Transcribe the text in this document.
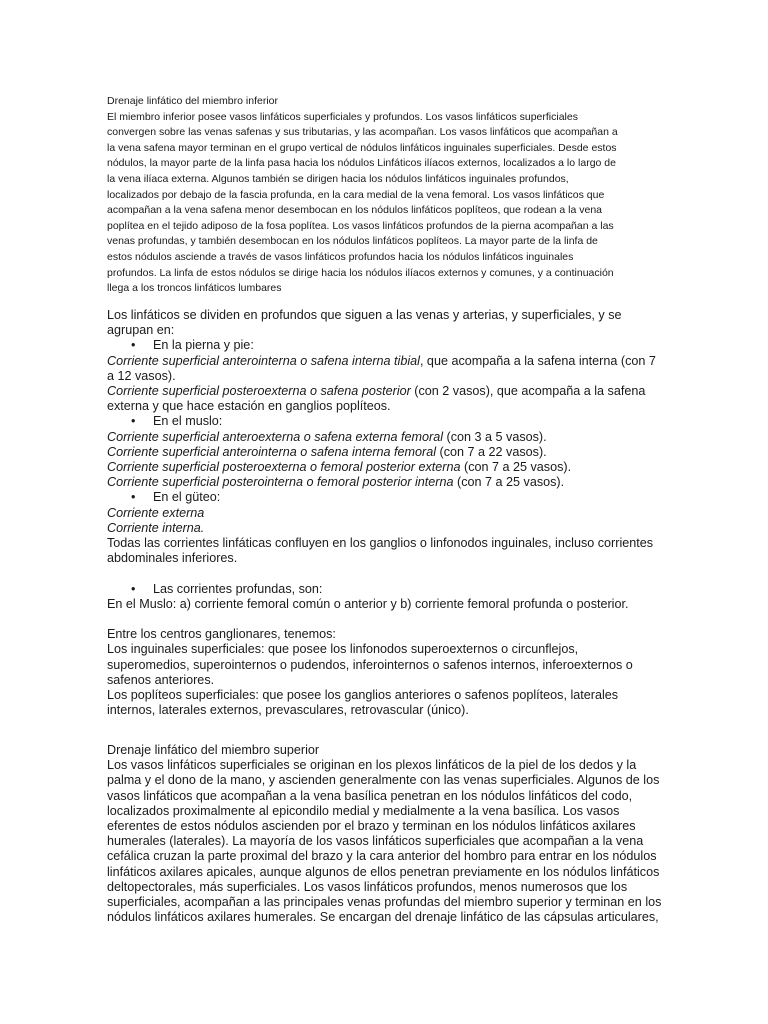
Drenaje linfático del miembro inferior

El miembro inferior posee vasos linfáticos superficiales y profundos. Los vasos linfáticos superficiales

convergen sobre las venas safenas y sus tributarias, y las acompañan. Los vasos linfáticos que acompañan a

la vena safena mayor terminan en el grupo vertical de nódulos linfáticos inguinales superficiales. Desde estos

nódulos, la mayor parte de la linfa pasa hacia los nódulos Linfáticos ilíacos externos, localizados a lo largo de

la vena ilíaca externa. Algunos también se dirigen hacia los nódulos linfáticos inguinales profundos,

localizados por debajo de la fascia profunda, en la cara medial de la vena femoral. Los vasos linfáticos que

acompañan a la vena safena menor desembocan en los nódulos linfáticos poplíteos, que rodean a la vena

poplítea en el tejido adiposo de la fosa poplítea. Los vasos linfáticos profundos de la pierna acompañan a las

venas profundas, y también desembocan en los nódulos linfáticos poplíteos. La mayor parte de la linfa de

estos nódulos asciende a través de vasos linfáticos profundos hacia los nódulos linfáticos inguinales

profundos. La linfa de estos nódulos se dirige hacia los nódulos ilíacos externos y comunes, y a continuación

llega a los troncos linfáticos lumbares

Los linfáticos se dividen en profundos que siguen a las venas y arterias, y superficiales, y se

agrupan en:

•	En la pierna y pie:

Corriente superficial anterointerna o safena interna tibial, que acompaña a la safena interna (con 7

a 12 vasos).

Corriente superficial posteroexterna o safena posterior (con 2 vasos), que acompaña a la safena

externa y que hace estación en ganglios poplíteos.

•	En el muslo:

Corriente superficial anteroexterna o safena externa femoral (con 3 a 5 vasos).

Corriente superficial anterointerna o safena interna femoral (con 7 a 22 vasos).

Corriente superficial posteroexterna o femoral posterior externa (con 7 a 25 vasos).

Corriente superficial posterointerna o femoral posterior interna (con 7 a 25 vasos).

•	En el güteo:

Corriente externa

Corriente interna.

Todas las corrientes linfáticas confluyen en los ganglios o linfonodos inguinales, incluso corrientes

abdominales inferiores.

•	Las corrientes profundas, son:

En el Muslo: a) corriente femoral común o anterior y b) corriente femoral profunda o posterior.

Entre los centros ganglionares, tenemos:

Los inguinales superficiales: que posee los linfonodos superoexternos o circunflejos,

superomedios, superointernos o pudendos, inferointernos o safenos internos, inferoexternos o

safenos anteriores.

Los poplíteos superficiales: que posee los ganglios anteriores o safenos poplíteos, laterales

internos, laterales externos, prevasculares, retrovascular (único).

Drenaje linfático del miembro superior

Los vasos linfáticos superficiales se originan en los plexos linfáticos de la piel de los dedos y la

palma y el dono de la mano, y ascienden generalmente con las venas superficiales. Algunos de los

vasos linfáticos que acompañan a la vena basílica penetran en los nódulos linfáticos del codo,

localizados proximalmente al epicondilo medial y medialmente a la vena basílica. Los vasos

eferentes de estos nódulos ascienden por el brazo y terminan en los nódulos linfáticos axilares

humerales (laterales). La mayoría de los vasos linfáticos superficiales que acompañan a la vena

cefálica cruzan la parte proximal del brazo y la cara anterior del hombro para entrar en los nódulos

linfáticos axilares apicales, aunque algunos de ellos penetran previamente en los nódulos linfáticos

deltopectorales, más superficiales. Los vasos linfáticos profundos, menos numerosos que los

superficiales, acompañan a las principales venas profundas del miembro superior y terminan en los

nódulos linfáticos axilares humerales. Se encargan del drenaje linfático de las cápsulas articulares,
